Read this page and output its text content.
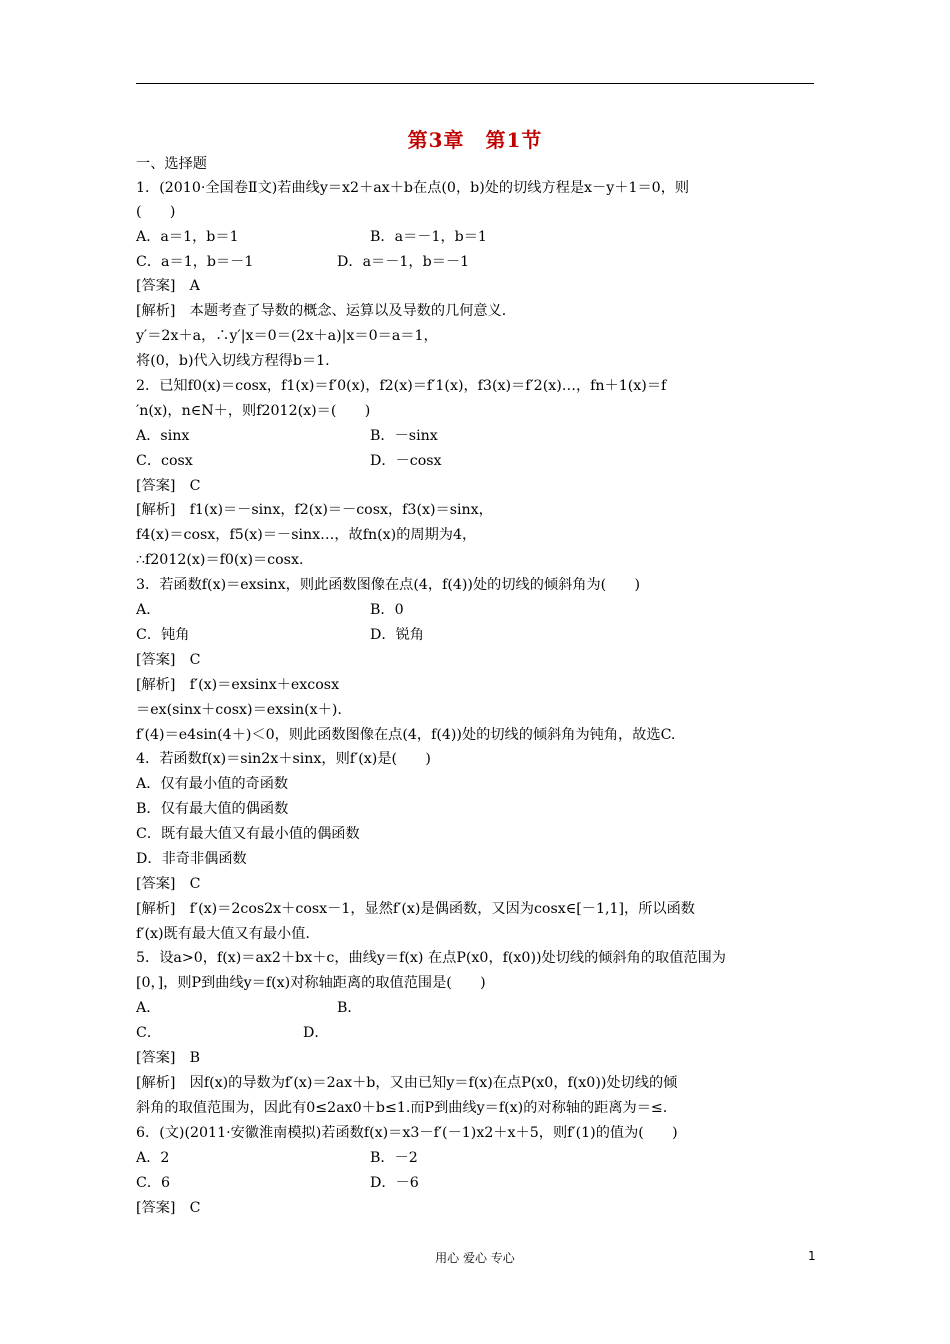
第3章　第1节
一、选择题
1．(2010·全国卷Ⅱ文)若曲线y＝x2＋ax＋b在点(0，b)处的切线方程是x－y＋1＝0，则
(　　)
A．a＝1，b＝1	B．a＝－1，b＝1
C．a＝1，b＝－1	D．a＝－1，b＝－1
[答案]　A
[解析]　本题考查了导数的概念、运算以及导数的几何意义．
y′＝2x＋a，∴y′|x＝0＝(2x＋a)|x＝0＝a＝1，
将(0，b)代入切线方程得b＝1.
2．已知f0(x)＝cosx，f1(x)＝f′0(x)，f2(x)＝f′1(x)，f3(x)＝f′2(x)…，fn＋1(x)＝f
′n(x)，n∈N＋，则f2012(x)＝(　　)
A．sinx	B．－sinx
C．cosx	D．－cosx
[答案]　C
[解析]　f1(x)＝－sinx，f2(x)＝－cosx，f3(x)＝sinx，
f4(x)＝cosx，f5(x)＝－sinx…，故fn(x)的周期为4，
∴f2012(x)＝f0(x)＝cosx.
3．若函数f(x)＝exsinx，则此函数图像在点(4，f(4))处的切线的倾斜角为(　　)
A．	B．0
C．钝角	D．锐角
[答案]　C
[解析]　f′(x)＝exsinx＋excosx
＝ex(sinx＋cosx)＝exsin(x＋).
f′(4)＝e4sin(4＋)＜0，则此函数图像在点(4，f(4))处的切线的倾斜角为钝角，故选C.
4．若函数f(x)＝sin2x＋sinx，则f′(x)是(　　)
A．仅有最小值的奇函数
B．仅有最大值的偶函数
C．既有最大值又有最小值的偶函数
D．非奇非偶函数
[答案]　C
[解析]　f′(x)＝2cos2x＋cosx－1，显然f′(x)是偶函数，又因为cosx∈[－1,1]，所以函数
f′(x)既有最大值又有最小值.
5．设a>0，f(x)＝ax2＋bx＋c，曲线y＝f(x) 在点P(x0，f(x0))处切线的倾斜角的取值范围为
[0，]，则P到曲线y＝f(x)对称轴距离的取值范围是(　　)
A．	B．
C．	D．
[答案]　B
[解析]　因f(x)的导数为f′(x)＝2ax＋b，又由已知y＝f(x)在点P(x0，f(x0))处切线的倾
斜角的取值范围为，因此有0≤2ax0＋b≤1.而P到曲线y＝f(x)的对称轴的距离为＝≤.
6．(文)(2011·安徽淮南模拟)若函数f(x)＝x3－f′(－1)x2＋x＋5，则f′(1)的值为(　　)
A．2	B．－2
C．6	D．－6
[答案]　C
用心 爱心 专心	1
